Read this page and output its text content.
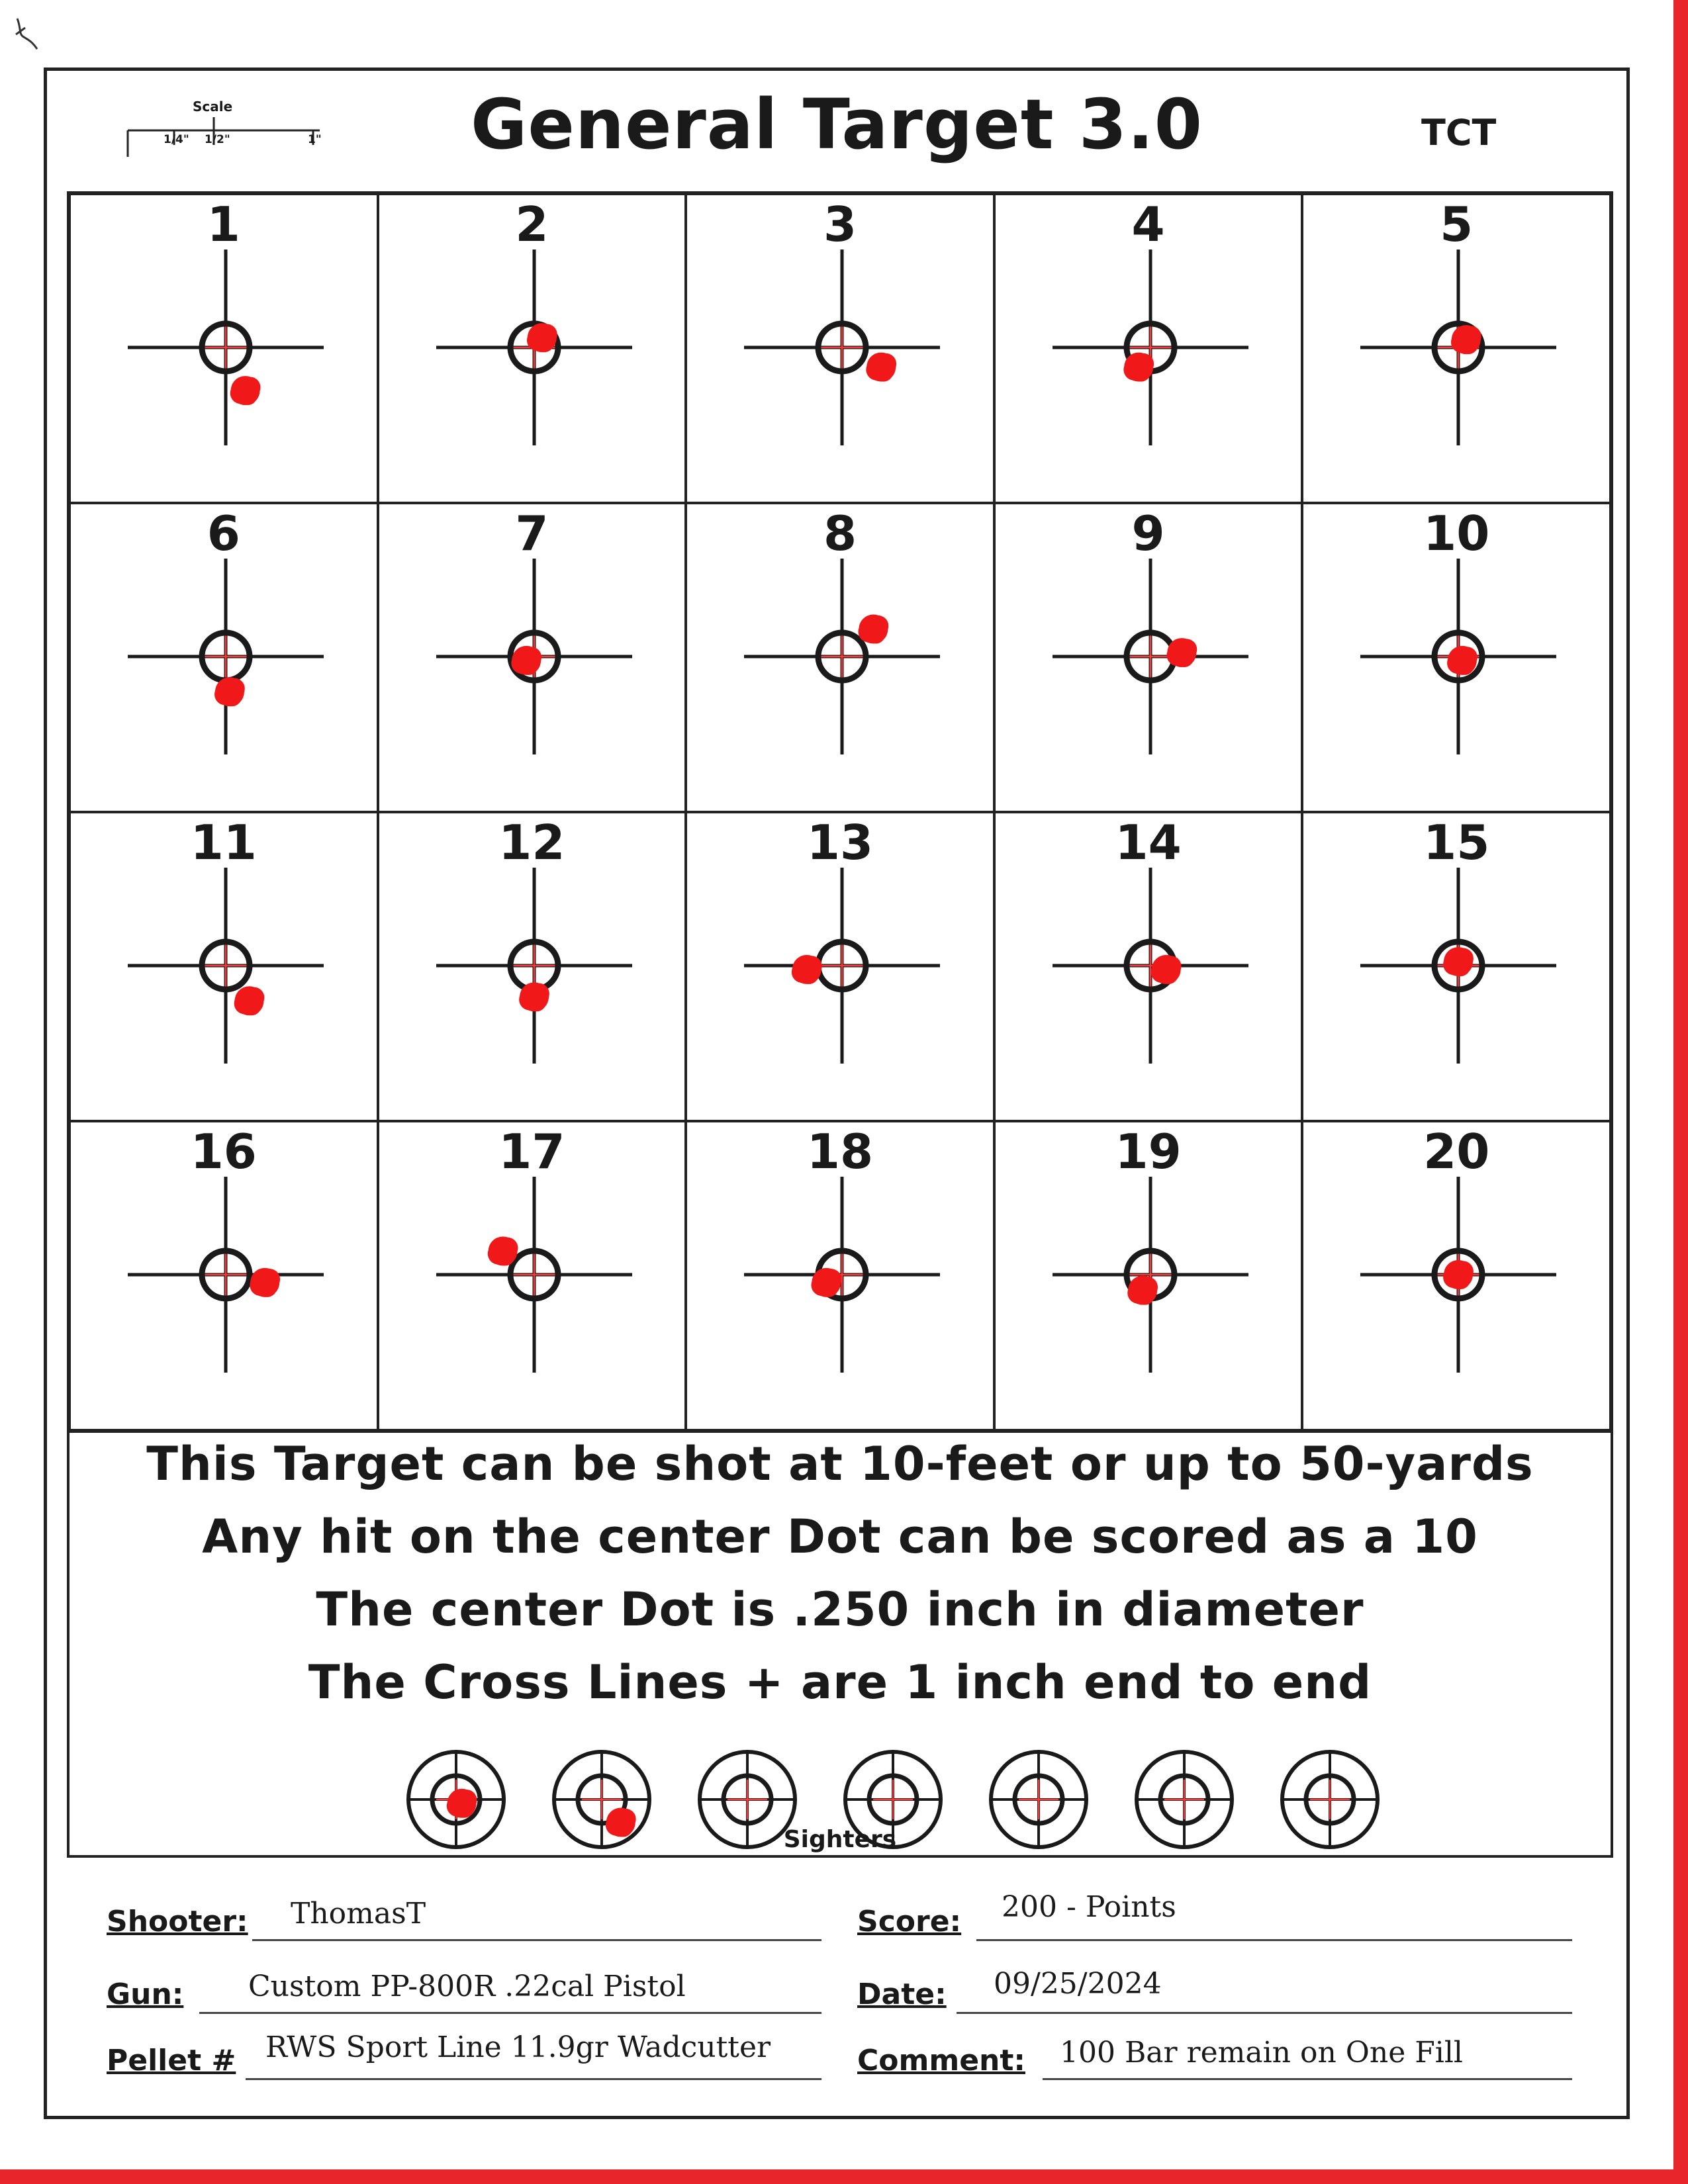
Scale
1/4" 1/2"	1"	General Target 3.0	TCT
1	2	3	4	5
6	7	8	9	10
11	12	13	14	15
16	17	18	19	20
This Target can be shot at 10-feet or up to 50-yards
Any hit on the center Dot can be scored as a 10
The center Dot is .250 inch in diameter
The Cross Lines + are 1 inch end to end
Sighters
Shooter: ThomasT	Score: 200 - Points
Gun: Custom PP-800R .22cal Pistol	Date: 09/25/2024
Pellet # RWS Sport Line 11.9gr Wadcutter	Comment: 100 Bar remain on One Fill
